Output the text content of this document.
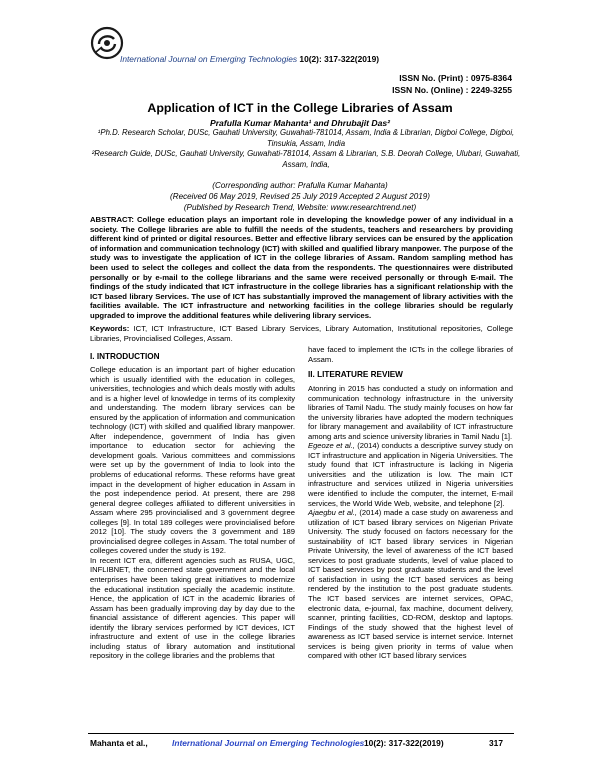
International Journal on Emerging Technologies 10(2): 317-322(2019)
ISSN No. (Print) : 0975-8364
ISSN No. (Online) : 2249-3255
Application of ICT in the College Libraries of Assam
Prafulla Kumar Mahanta¹ and Dhrubajit Das²
¹Ph.D. Research Scholar, DUSc, Gauhati University, Guwahati-781014, Assam, India & Librarian, Digboi College, Digboi, Tinsukia, Assam, India
²Research Guide, DUSc, Gauhati University, Guwahati-781014, Assam & Librarian, S.B. Deorah College, Ulubari, Guwahati, Assam, India,
(Corresponding author: Prafulla Kumar Mahanta)
(Received 06 May 2019, Revised 25 July 2019 Accepted 2 August 2019)
(Published by Research Trend, Website: www.researchtrend.net)
ABSTRACT: College education plays an important role in developing the knowledge power of any individual in a society. The College libraries are able to fulfill the needs of the students, teachers and researchers by providing different kind of printed or digital resources. Better and effective library services can be ensured by the application of information and communication technology (ICT) with skilled and qualified library manpower. The purpose of the study was to investigate the application of ICT in the college libraries of Assam. Random sampling method has been used to select the colleges and collect the data from the respondents. The questionnaires were distributed personally or by e-mail to the college librarians and the same were received personally or through E-mail. The findings of the study indicated that ICT infrastructure in the college libraries has a significant relationship with the ICT based library Services. The use of ICT has substantially improved the management of library activities with the facilities available. The ICT infrastructure and networking facilities in the college libraries should be regularly upgraded to improve the additional features while delivering library services.
Keywords: ICT, ICT Infrastructure, ICT Based Library Services, Library Automation, Institutional repositories, College Libraries, Provincialised Colleges, Assam.
I. INTRODUCTION

College education is an important part of higher education which is usually identified with the education in colleges, universities, technologies and which deals mostly with adults and is a higher level of knowledge in terms of its complexity and understanding. The modern library services can be ensured by the application of information and communication technology (ICT) with skilled and qualified library manpower. After independence, government of India has given importance to education sector for achieving the development goals. Various committees and commissions were set up by the government of India to look into the problems of educational reforms. These reforms have great impact in the development of higher education in Assam in the post independence period. At present, there are 298 general degree colleges affiliated to different universities in Assam where 295 provincialised and 3 government degree colleges [9]. In total 189 colleges were provincialised before 2012 [10]. The study covers the 3 government and 189 provincialised degree colleges in Assam. The total number of colleges covered under the study is 192.

In recent ICT era, different agencies such as RUSA, UGC, INFLIBNET, the concerned state government and the local enterprises have been taking great initiatives to modernize the educational institution specially the academic institute. Hence, the application of ICT in the academic libraries of Assam has been gradually improving day by day due to the financial assistance of different agencies. This paper will identify the library services performed by ICT devices, ICT infrastructure and extent of use in the college libraries including status of library automation and institutional repository in the college libraries and the problems that

have faced to implement the ICTs in the college libraries of Assam.

II. LITERATURE REVIEW

Atonring in 2015 has conducted a study on information and communication technology infrastructure in the university libraries of Tamil Nadu. The study mainly focuses on how far the university libraries have adopted the modern techniques for library management and availability of ICT infrastructure among arts and science university libraries in Tamil Nadu [1].

Egeoze et al., (2014) conducts a descriptive survey study on ICT infrastructure and application in Nigeria Universities. The study found that ICT infrastructure is lacking in Nigeria universities and the utilization is low. The main ICT infrastructure and services utilized in Nigeria universities were identified to include the computer, the internet, E-mail services, the World Wide Web, website, and telephone [2].

Ajaegbu et al., (2014) made a case study on awareness and utilization of ICT based library services on Nigerian Private University. The study focused on factors necessary for the sustainability of ICT based library services in Nigerian Private University, the level of awareness of the ICT based services to post graduate students, level of value placed to ICT based services by post graduate students and the level of satisfaction in using the ICT based services as being rendered by the institution to the post graduate students. The ICT based services are internet services, OPAC, electronic data, e-journal, fax machine, document delivery, scanner, printing facilities, CD-ROM, desktop and laptops. Findings of the study showed that the highest level of awareness as ICT based service is internet service. Internet services is being given priority in terms of value when compared with other ICT based library services

Mahanta et al.,	International Journal on Emerging Technologies 10(2): 317-322(2019)	317
